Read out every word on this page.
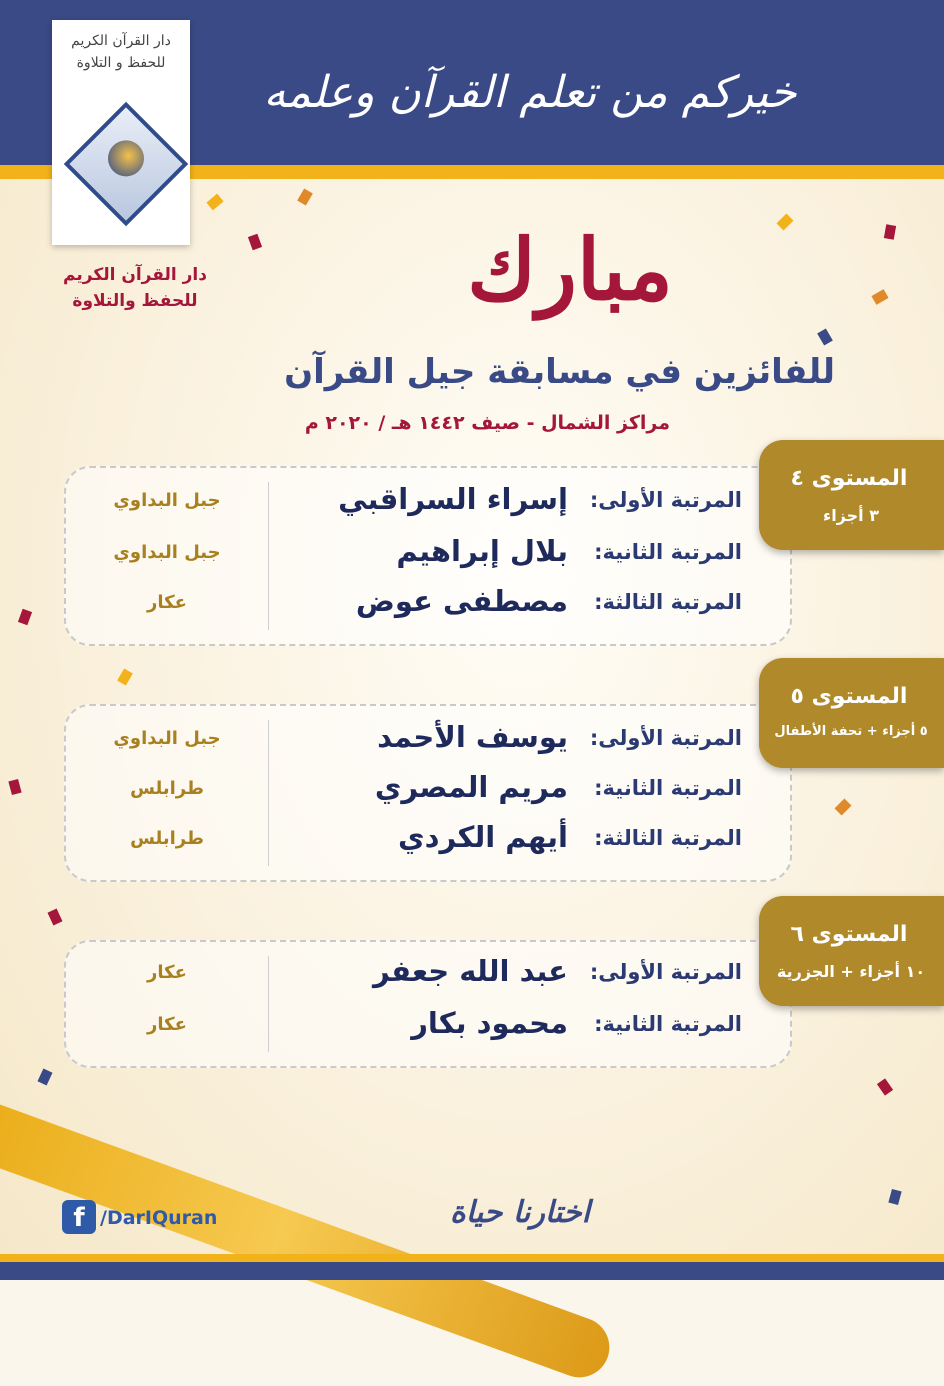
خيركم من تعلم القرآن وعلمه
دار القرآن الكريم
للحفظ و التلاوة
دار القرآن الكريم
للحفظ والتلاوة	مبارك
للفائزين في مسابقة جيل القرآن
مراكز الشمال - صيف ١٤٤٢ هـ / ٢٠٢٠ م
المرتبة الأولى:
إسراء السراقبي
جبل البداوي
المرتبة الثانية:
بلال إبراهيم
جبل البداوي
المرتبة الثالثة:
مصطفى عوض
عكار
المستوى ٤
٣ أجزاء
المرتبة الأولى:
يوسف الأحمد
جبل البداوي
المرتبة الثانية:
مريم المصري
طرابلس
المرتبة الثالثة:
أيهم الكردي
طرابلس
المستوى ٥
٥ أجزاء + تحفة الأطفال
المرتبة الأولى:
عبد الله جعفر
عكار
المرتبة الثانية:
محمود بكار
عكار
المستوى ٦
١٠ أجزاء + الجزرية
f /DarIQuran	اختارنا حياة
